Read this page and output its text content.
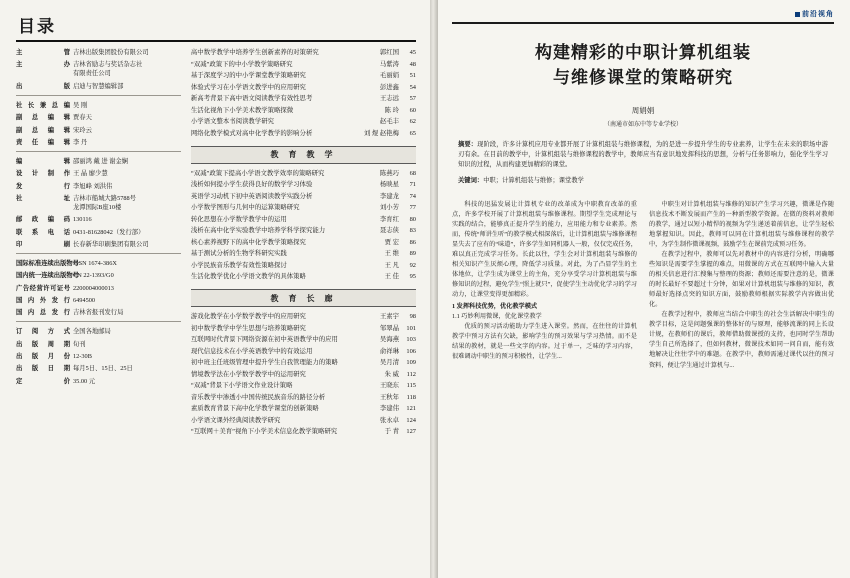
目录
主管 吉林出版集团股份有限公司
主办 吉林省励志与奖话杂志社
有限责任公司
出版 启迪与智慧编辑部
社长兼总编 吴 刚
副总编辑 贾春天
副总编辑 宋玲云
责任编辑 李 丹
编辑 邵丽鸿 戴 进 谢金娴
设计制作 王 晶 廖少慧
发行 李旭峰 刘洪伟
社址 吉林市船城大路5788号
龙潭国际B座10楼
邮政编码 130116
联系电话 0431-81628042（发行部）
印刷 长春新华印刷集团有限公司
国际标准连续出版物号
ISSN 1674-386X
国内统一连续出版物号
CN 22-1393/G0
广告经营许可证号 2200004000013
国内外发行 6494500
国内总发行 吉林省报刊发行局
订阅方式 全国各地邮局
出版周期 旬刊
出版月份 12-30B
出版日期 每月5日、15日、25日
定价 35.00 元
高中数学教学中培养学生创新素养的对策研究	郭红国	45
“双减”政策下的中小学教学策略研究	马紫涛	48
基于深度学习的中小学课堂教学策略研究	毛丽娟	51
体验式学习在小学语文教学中的应用研究	彭进鑫	54
新高考背景下高中语文阅读教学有效性思考	王志远	57
生活化视角下小学美术教学策略探微	陈 玲	60
小学语文整本书阅读教学研究	赵毛丰	62
网络化教学模式对高中化学教学的影响分析	刘 煜 赵艳梅	65
教 育 教 学
“双减”政策下提高小学语文教学效率的策略研究	陈燕巧	68
浅析如何提小学生获得良好的数学学习体验	杨映星	71
英语学习动机下初中英语阅读教学实践分析	李建龙	74
小学数学图形与几何中的运算策略研究	刘小芳	77
转化思想在小学数学教学中的运用	李育红	80
浅析在高中化学实验教学中培养学科学探究能力	聂志侠	83
核心素养视野下的高中化学教学策略探究	贾 宏	86
基于测试分析的生物学科研究实践	王 维	89
小学民族音乐教学有效性策略探讨	王 凡	92
生活化教学优化小学语文教学的具体策略	王 佳	95
教 育 长 廊
游戏化教学在小学数学教学中的应用研究	王素宇	98
初中数学教学中学生思想与培养策略研究	邹翠晶	101
互联网时代背景下网络资源在初中英语教学中的应用	吴海燕	103
现代信息技术在小学英语教学中的有效运用	俞祥琳	106
初中班主任班级管理中提升学生自我管理能力的策略	吴月清	109
情境教学法在小学数学教学中的运用研究	朱 威	112
“双减”背景下小学语文作业设计策略	王晓东	115
音乐教学中渗透小中国传统民族音乐的路径分析	王秋年	118
素质教育背景下高中化学教学课堂的创新策略	李建伟	121
小学语文课外经典阅读教学研究	张永卓	124
“互联网＋美育”视角下小学美术信息化教学策略研究	于 青	127
前沿视角
构建精彩的中职计算机组装
与维修课堂的策略研究
周娟娟
（南通市如东中等专业学校）
摘要：现阶段，许多计算机应用专业都开展了计算机组装与维修课程，为的是进一步提升学生的专业素养，让学生在未来的职场中游刃有余。在目前的教学中，计算机组装与维修课程的教学中，教师应当有意识地发挥科技的思想，分析与任务影响力，强化学生学习知识的过程，从而构建更加精彩的课堂。
关键词：中职；计算机组装与维修；课堂教学

科技的迅猛发展让计算机专业的改革成为中职教育改革的重点，许多学校开展了计算机组装与维修课程。期望学生完成理论与实践的结合，能够真正提升学生的能力，应用能力和专业素养。然而，传统“师讲生听”的教学模式相深落后，让计算机组装与维修课程显失去了应有的“味道”，许多学生如同机器人一般，仅仅完成任务，难以真正完成学习任务。长此以往，学生会对计算机组装与维修的相关知识产生厌烦心理，降低学习质量。对此，为了凸显学生的主体地位，让学生成为课堂上的主角，充分享受学习计算机组装与维修知识的过程，避免学生“照上就只”，促使学生主动优化学习的学习动力，让课堂变得更加精彩。

1 发挥科技优势，优化教学模式

1.1 巧妙利用微课，优化课堂教学

优质的预习活动能助力学生进入课堂。然而，在往往的计算机教学中预习方法有欠缺，影响学生的预习效果与学习热情。而不是结果的教材，就是一些文字的内容。过于单一，乏味的学习内容，很难调动中职生的预习积极性，让学生...

中职生对计算机组装与维修的知识产生学习兴趣，微课是作随信息技术不断发展而产生的一种新型教学资源。在微的资料对教师的教学，通过以短小精悍的视频为学生递送着前信息，让学生轻松地掌握知识。因此，教师可以同在计算机组装与维修课程的教学中，为学生制作微课视频，鼓励学生在课前完成预习任务。

在教学过程中，教师可以先对教材中的内容进行分析，明确哪些知识是需要学生掌握的难点，用微课的方式在互联网中输入大量的相关信息进行汇搜集与整理的资源；教师还需要注意的是，微课的时长最好不要超过十分钟，如果对计算机组装与维修的知识，教师最好选择点突的知识方面，鼓励教师根据实际教学内容做出优化。

在教学过程中，教师应当结合中职生的社会生活解决中职生的教学目标，这是问题强课的整体好的与原理，能够流课的同上长设计规，在教师们的课后，教师借助微课授的支持，也同时学生帮助学生自己所选择了，但如何教材，微课技术如同一问自而，能有效地解决让往往学中的难题。在教学中，教师需通过课代以往的预习资料，便让学生通过计算机与...
